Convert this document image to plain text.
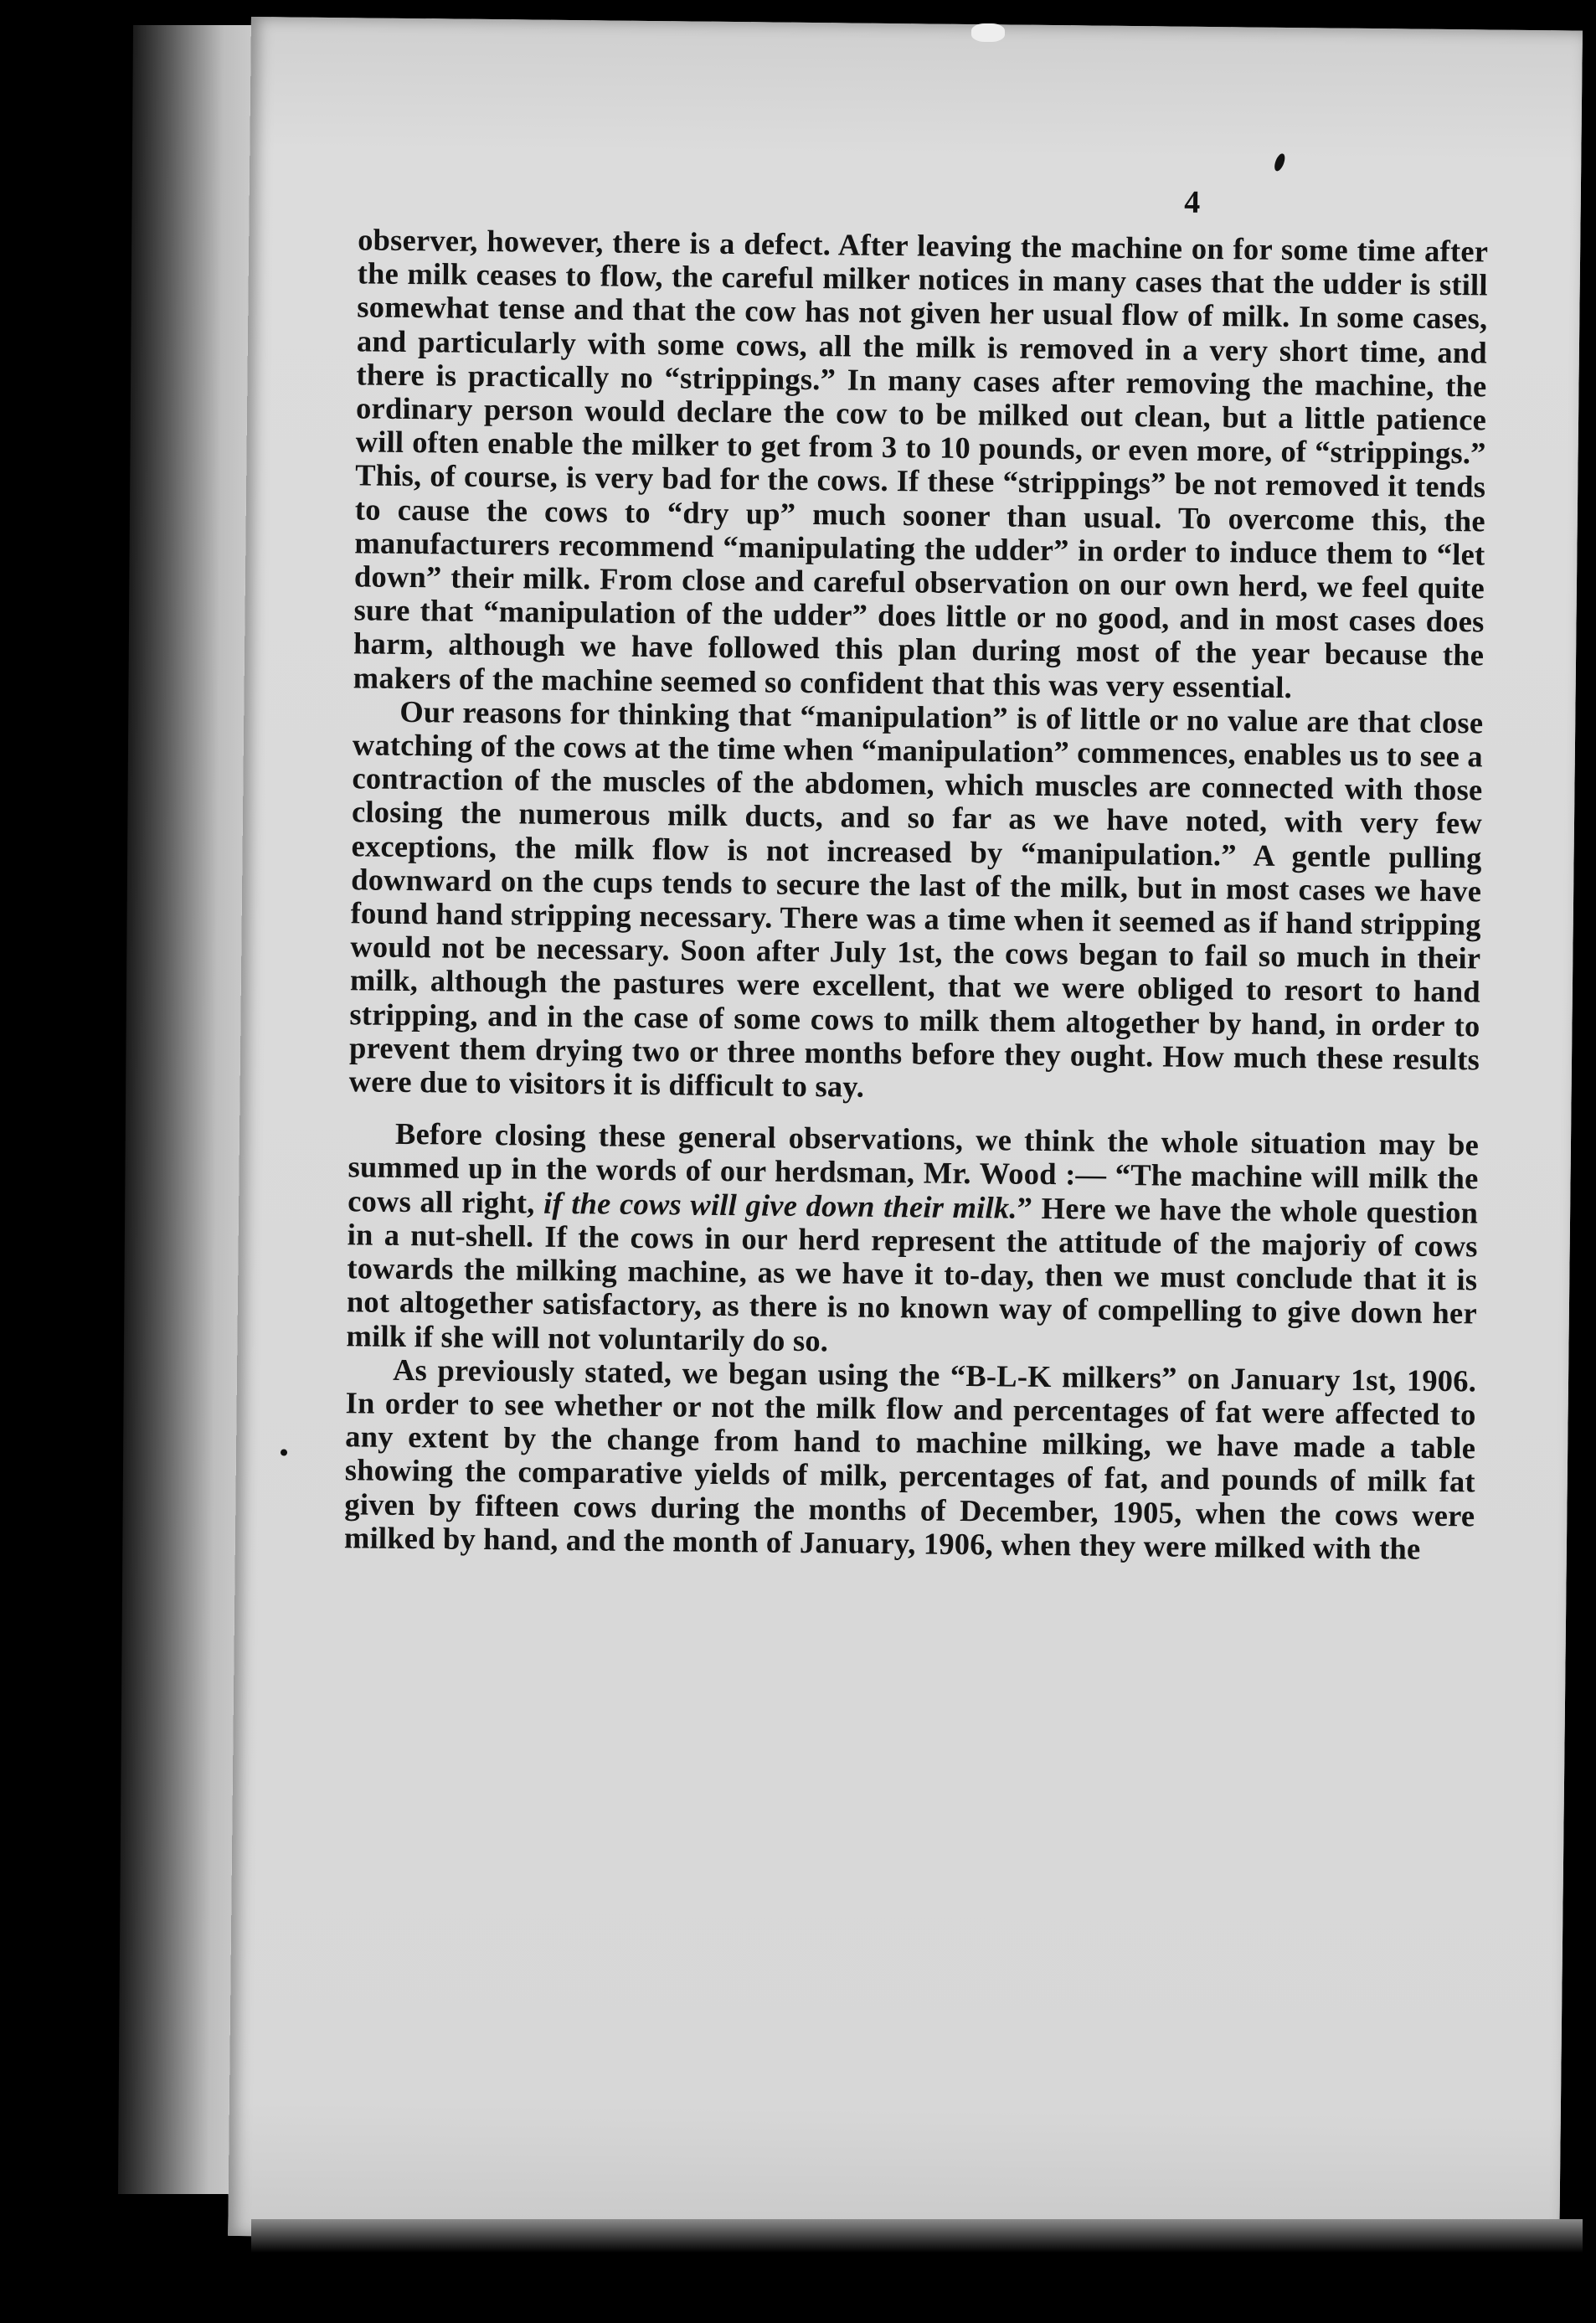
4

observer, however, there is a defect. After leaving the machine on for some time after the milk ceases to flow, the careful milker notices in many cases that the udder is still somewhat tense and that the cow has not given her usual flow of milk. In some cases, and particularly with some cows, all the milk is removed in a very short time, and there is practically no “strippings.” In many cases after removing the machine, the ordinary person would declare the cow to be milked out clean, but a little patience will often enable the milker to get from 3 to 10 pounds, or even more, of “strippings.” This, of course, is very bad for the cows. If these “strippings” be not removed it tends to cause the cows to “dry up” much sooner than usual. To overcome this, the manufacturers recommend “manipulating the udder” in order to induce them to “let down” their milk. From close and careful observation on our own herd, we feel quite sure that “manipulation of the udder” does little or no good, and in most cases does harm, although we have followed this plan during most of the year because the makers of the machine seemed so confident that this was very essential.

Our reasons for thinking that “manipulation” is of little or no value are that close watching of the cows at the time when “manipulation” commences, enables us to see a contraction of the muscles of the abdomen, which muscles are connected with those closing the numerous milk ducts, and so far as we have noted, with very few exceptions, the milk flow is not increased by “manipulation.” A gentle pulling downward on the cups tends to secure the last of the milk, but in most cases we have found hand stripping necessary. There was a time when it seemed as if hand stripping would not be necessary. Soon after July 1st, the cows began to fail so much in their milk, although the pastures were excellent, that we were obliged to resort to hand stripping, and in the case of some cows to milk them altogether by hand, in order to prevent them drying two or three months before they ought. How much these results were due to visitors it is difficult to say.

Before closing these general observations, we think the whole situation may be summed up in the words of our herdsman, Mr. Wood :— “The machine will milk the cows all right, if the cows will give down their milk.” Here we have the whole question in a nut-shell. If the cows in our herd represent the attitude of the majoriy of cows towards the milking machine, as we have it to-day, then we must conclude that it is not altogether satisfactory, as there is no known way of compelling to give down her milk if she will not voluntarily do so.

As previously stated, we began using the “B-L-K milkers” on January 1st, 1906. In order to see whether or not the milk flow and percentages of fat were affected to any extent by the change from hand to machine milking, we have made a table showing the comparative yields of milk, percentages of fat, and pounds of milk fat given by fifteen cows during the months of December, 1905, when the cows were milked by hand, and the month of January, 1906, when they were milked with the
